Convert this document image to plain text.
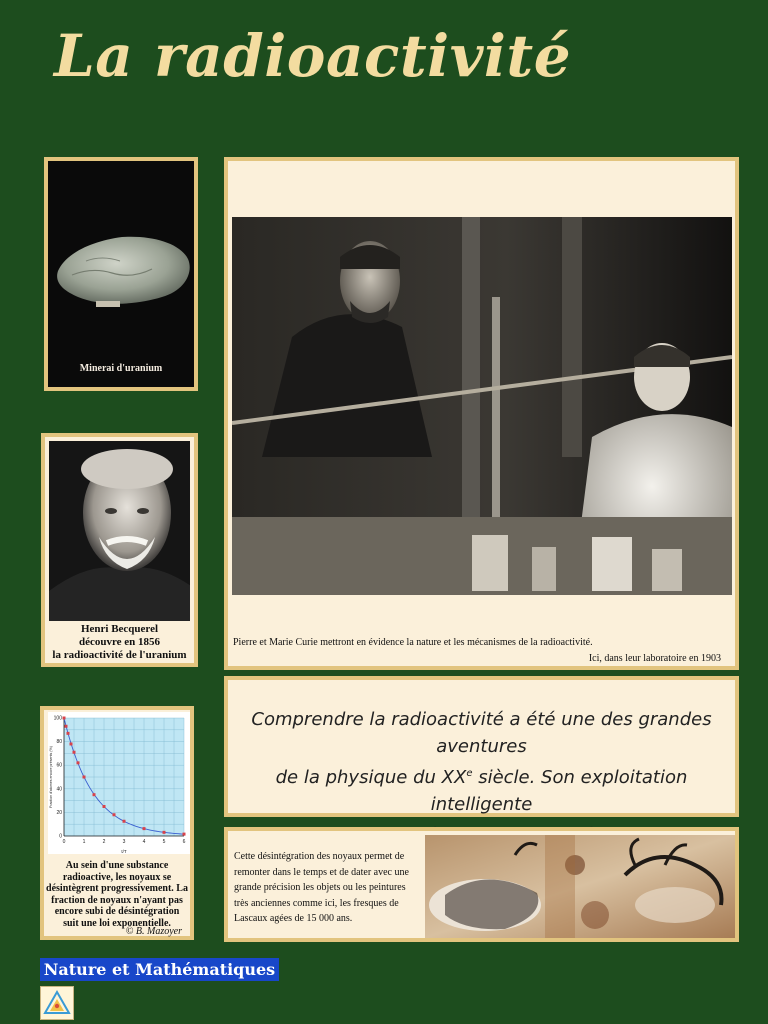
La radioactivité
Minerai d'uranium
Henri Becquerel
découvre en 1856
la radioactivité de l'uranium
Pierre et Marie Curie mettront en évidence la nature et les mécanismes de la radioactivité.
Ici, dans leur laboratoire en 1903
Comprendre la radioactivité a été une des grandes aventures
de la physique du XXe siècle. Son exploitation intelligente
0	1	2	3	4	5	6
0
20
40
60
80
100
t/T
Fraction d'atomes encore présents (%)
Au sein d'une substance radioactive, les noyaux se désintègrent progressivement. La fraction de noyaux n'ayant pas encore subi de désintégration suit une loi exponentielle.
© B. Mazoyer
Cette désintégration des noyaux permet de remonter dans le temps et de dater avec une grande précision les objets ou les peintures très anciennes comme ici, les fresques de Lascaux agées de 15 000 ans.
Nature et Mathématiques
